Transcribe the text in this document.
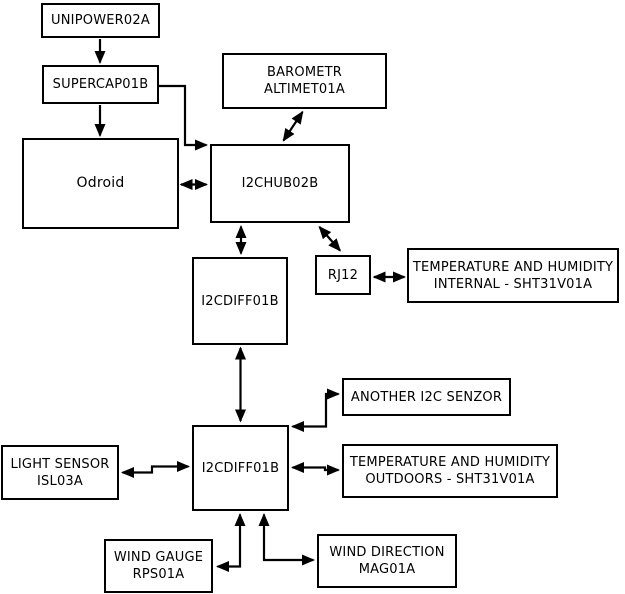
UNIPOWER02A
SUPERCAP01B
BAROMETR
ALTIMET01A
Odroid	I2CHUB02B
RJ12
TEMPERATURE AND HUMIDITY
INTERNAL - SHT31V01A
I2CDIFF01B
ANOTHER I2C SENZOR
I2CDIFF01B	TEMPERATURE AND HUMIDITY
OUTDOORS - SHT31V01A
LIGHT SENSOR
ISL03A
WIND GAUGE
RPS01A
WIND DIRECTION
MAG01A
